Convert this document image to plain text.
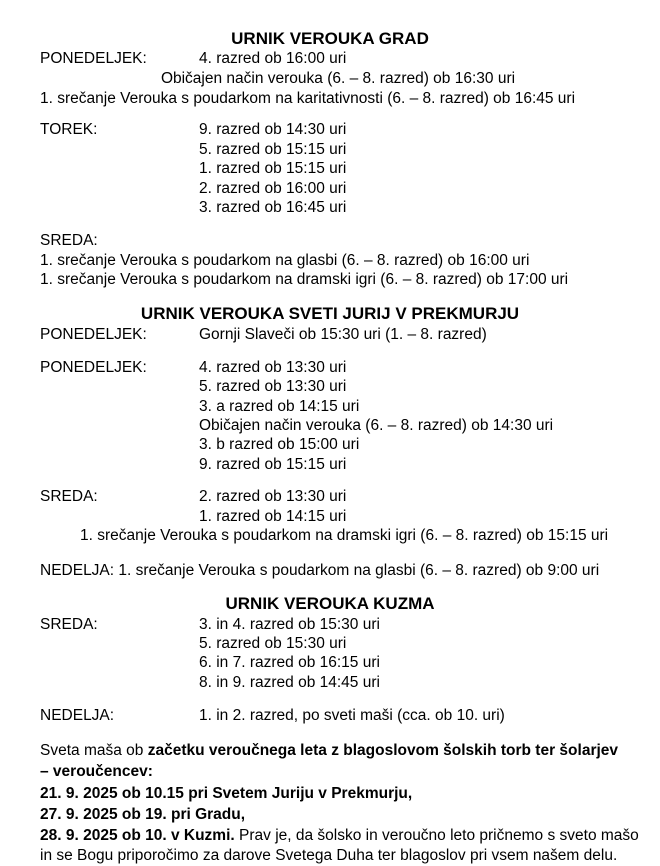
URNIK VEROUKA GRAD
PONEDELJEK:	4. razred ob 16:00 uri
Običajen način verouka (6. – 8. razred) ob 16:30 uri
1. srečanje Verouka s poudarkom na karitativnosti (6. – 8. razred) ob 16:45 uri
TOREK:	9. razred ob 14:30 uri
5. razred ob 15:15 uri
1. razred ob 15:15 uri
2. razred ob 16:00 uri
3. razred ob 16:45 uri
SREDA:
1. srečanje Verouka s poudarkom na glasbi (6. – 8. razred) ob 16:00 uri
1. srečanje Verouka s poudarkom na dramski igri (6. – 8. razred) ob 17:00 uri
URNIK VEROUKA SVETI JURIJ V PREKMURJU
PONEDELJEK:	Gornji Slaveči ob 15:30 uri (1. – 8. razred)
PONEDELJEK:	4. razred ob 13:30 uri
5. razred ob 13:30 uri
3. a razred ob 14:15 uri
Običajen način verouka (6. – 8. razred) ob 14:30 uri
3. b razred ob 15:00 uri
9. razred ob 15:15 uri
SREDA:	2. razred ob 13:30 uri
1. razred ob 14:15 uri
1. srečanje Verouka s poudarkom na dramski igri (6. – 8. razred) ob 15:15 uri
NEDELJA: 1. srečanje Verouka s poudarkom na glasbi (6. – 8. razred) ob 9:00 uri
URNIK VEROUKA KUZMA
SREDA:	3. in 4. razred ob 15:30 uri
5. razred ob 15:30 uri
6. in 7. razred ob 16:15 uri
8. in 9. razred ob 14:45 uri
NEDELJA:	1. in 2. razred, po sveti maši (cca. ob 10. uri)
Sveta maša ob začetku veroučnega leta z blagoslovom šolskih torb ter šolarjev
– veroučencev:
21. 9. 2025 ob 10.15 pri Svetem Juriju v Prekmurju,
27. 9. 2025 ob 19. pri Gradu,
28. 9. 2025 ob 10. v Kuzmi. Prav je, da šolsko in veroučno leto pričnemo s sveto mašo
in se Bogu priporočimo za darove Svetega Duha ter blagoslov pri vsem našem delu.
